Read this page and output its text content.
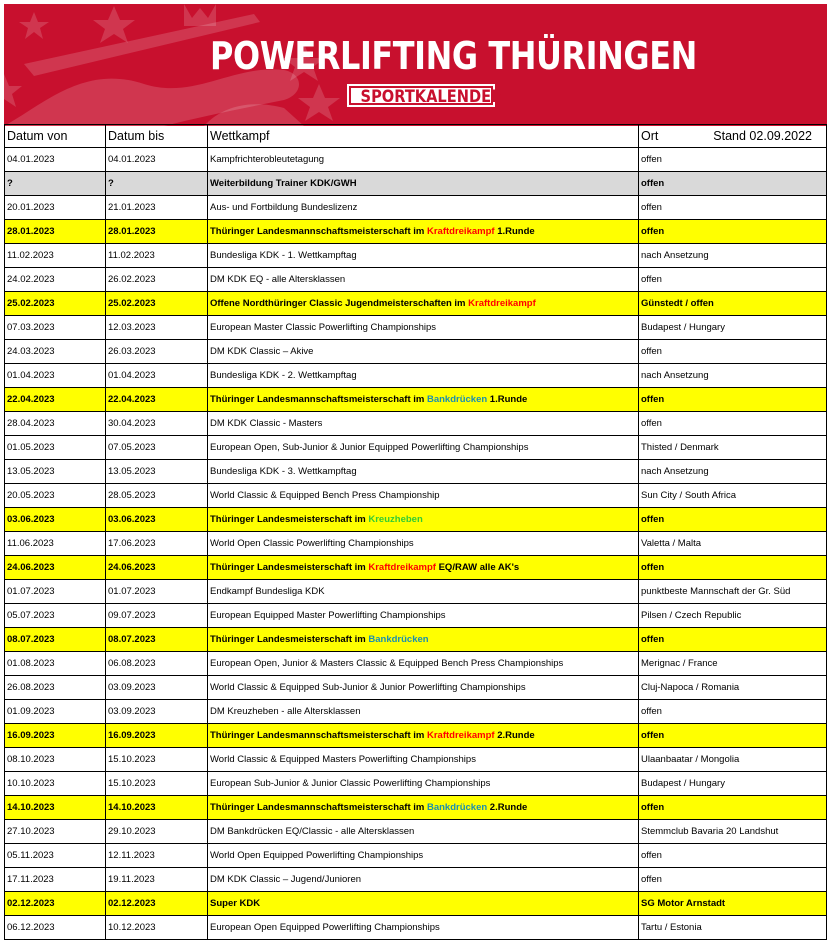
POWERLIFTING THÜRINGEN
SPORTKALENDER
Datum von	Datum bis	Wettkampf	Ort Stand 02.09.2022

04.01.2023	04.01.2023	Kampfrichterobleutetagung	offen
?	?	Weiterbildung Trainer KDK/GWH	offen
20.01.2023	21.01.2023	Aus- und Fortbildung Bundeslizenz	offen
28.01.2023	28.01.2023	Thüringer Landesmannschaftsmeisterschaft im Kraftdreikampf 1.Runde	offen
11.02.2023	11.02.2023	Bundesliga KDK - 1. Wettkampftag	nach Ansetzung
24.02.2023	26.02.2023	DM KDK EQ - alle Altersklassen	offen
25.02.2023	25.02.2023	Offene Nordthüringer Classic Jugendmeisterschaften im Kraftdreikampf	Günstedt / offen
07.03.2023	12.03.2023	European Master Classic Powerlifting Championships	Budapest / Hungary
24.03.2023	26.03.2023	DM KDK Classic – Akive	offen
01.04.2023	01.04.2023	Bundesliga KDK - 2. Wettkampftag	nach Ansetzung
22.04.2023	22.04.2023	Thüringer Landesmannschaftsmeisterschaft im Bankdrücken 1.Runde	offen
28.04.2023	30.04.2023	DM KDK Classic - Masters	offen
01.05.2023	07.05.2023	European Open, Sub-Junior & Junior Equipped Powerlifting Championships	Thisted / Denmark
13.05.2023	13.05.2023	Bundesliga KDK - 3. Wettkampftag	nach Ansetzung
20.05.2023	28.05.2023	World Classic & Equipped Bench Press Championship	Sun City / South Africa
03.06.2023	03.06.2023	Thüringer Landesmeisterschaft im Kreuzheben	offen
11.06.2023	17.06.2023	World Open Classic Powerlifting Championships	Valetta / Malta
24.06.2023	24.06.2023	Thüringer Landesmeisterschaft im Kraftdreikampf EQ/RAW alle AK's	offen
01.07.2023	01.07.2023	Endkampf Bundesliga KDK	punktbeste Mannschaft der Gr. Süd
05.07.2023	09.07.2023	European Equipped Master Powerlifting Championships	Pilsen / Czech Republic
08.07.2023	08.07.2023	Thüringer Landesmeisterschaft im Bankdrücken	offen
01.08.2023	06.08.2023	European Open, Junior & Masters Classic & Equipped Bench Press Championships	Merignac / France
26.08.2023	03.09.2023	World Classic & Equipped Sub-Junior & Junior Powerlifting Championships	Cluj-Napoca / Romania
01.09.2023	03.09.2023	DM Kreuzheben - alle Altersklassen	offen
16.09.2023	16.09.2023	Thüringer Landesmannschaftsmeisterschaft im Kraftdreikampf 2.Runde	offen
08.10.2023	15.10.2023	World Classic & Equipped Masters Powerlifting Championships	Ulaanbaatar / Mongolia
10.10.2023	15.10.2023	European Sub-Junior & Junior Classic Powerlifting Championships	Budapest / Hungary
14.10.2023	14.10.2023	Thüringer Landesmannschaftsmeisterschaft im Bankdrücken 2.Runde	offen
27.10.2023	29.10.2023	DM Bankdrücken EQ/Classic - alle Altersklassen	Stemmclub Bavaria 20 Landshut
05.11.2023	12.11.2023	World Open Equipped Powerlifting Championships	offen
17.11.2023	19.11.2023	DM KDK Classic – Jugend/Junioren	offen
02.12.2023	02.12.2023	Super KDK	SG Motor Arnstadt
06.12.2023	10.12.2023	European Open Equipped Powerlifting Championships	Tartu / Estonia
